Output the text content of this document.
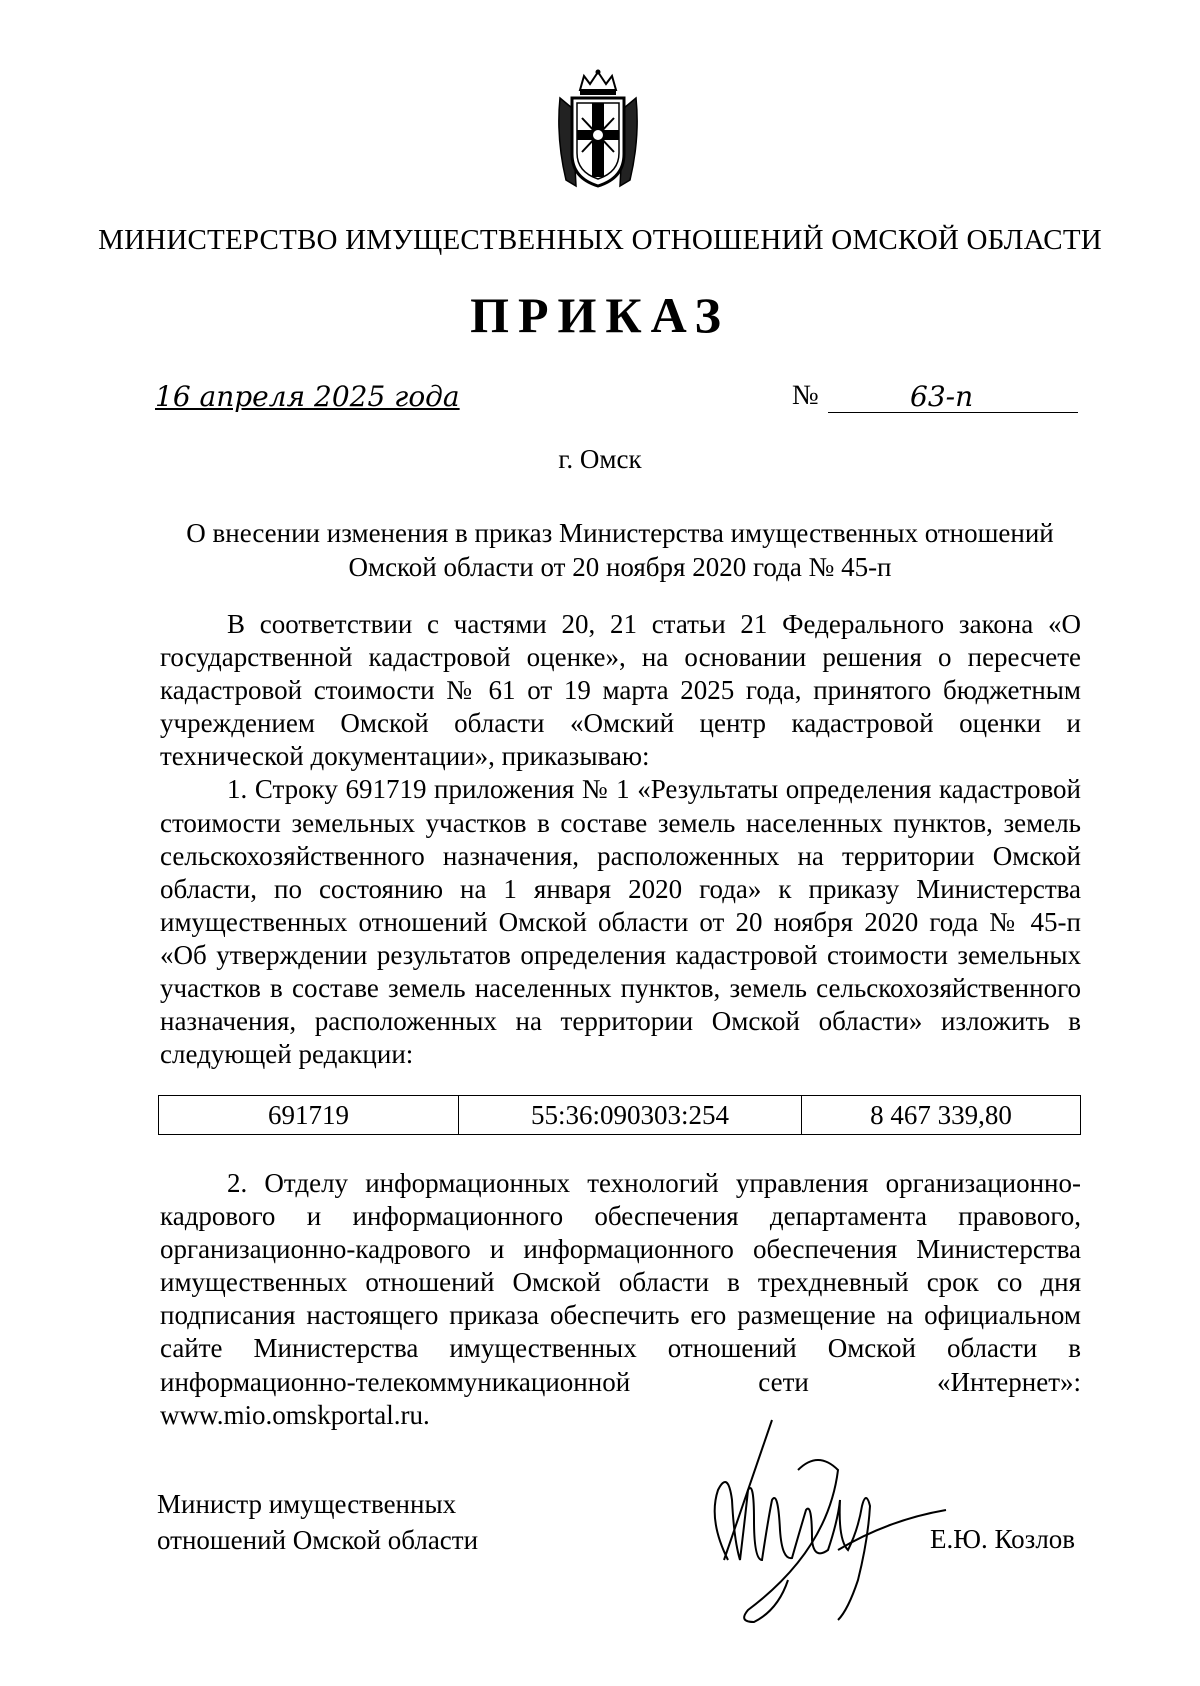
МИНИСТЕРСТВО ИМУЩЕСТВЕННЫХ ОТНОШЕНИЙ ОМСКОЙ ОБЛАСТИ
ПРИКАЗ
16 апреля 2025 года	№	63-п
г. Омск
О внесении изменения в приказ Министерства имущественных отношений
Омской области от 20 ноября 2020 года № 45-п

В соответствии с частями 20, 21 статьи 21 Федерального закона «О государственной кадастровой оценке», на основании решения о пересчете кадастровой стоимости № 61 от 19 марта 2025 года, принятого бюджетным учреждением Омской области «Омский центр кадастровой оценки и технической документации», приказываю:

1. Строку 691719 приложения № 1 «Результаты определения кадастровой стоимости земельных участков в составе земель населенных пунктов, земель сельскохозяйственного назначения, расположенных на территории Омской области, по состоянию на 1 января 2020 года» к приказу Министерства имущественных отношений Омской области от 20 ноября 2020 года № 45-п «Об утверждении результатов определения кадастровой стоимости земельных участков в составе земель населенных пунктов, земель сельскохозяйственного назначения, расположенных на территории Омской области» изложить в следующей редакции:

691719	55:36:090303:254	8 467 339,80

2. Отделу информационных технологий управления организационно-кадрового и информационного обеспечения департамента правового, организационно-кадрового и информационного обеспечения Министерства имущественных отношений Омской области в трехдневный срок со дня подписания настоящего приказа обеспечить его размещение на официальном сайте Министерства имущественных отношений Омской области в информационно-телекоммуникационной сети «Интернет»: www.mio.omskportal.ru.

Министр имущественных
отношений Омской области	Е.Ю. Козлов
